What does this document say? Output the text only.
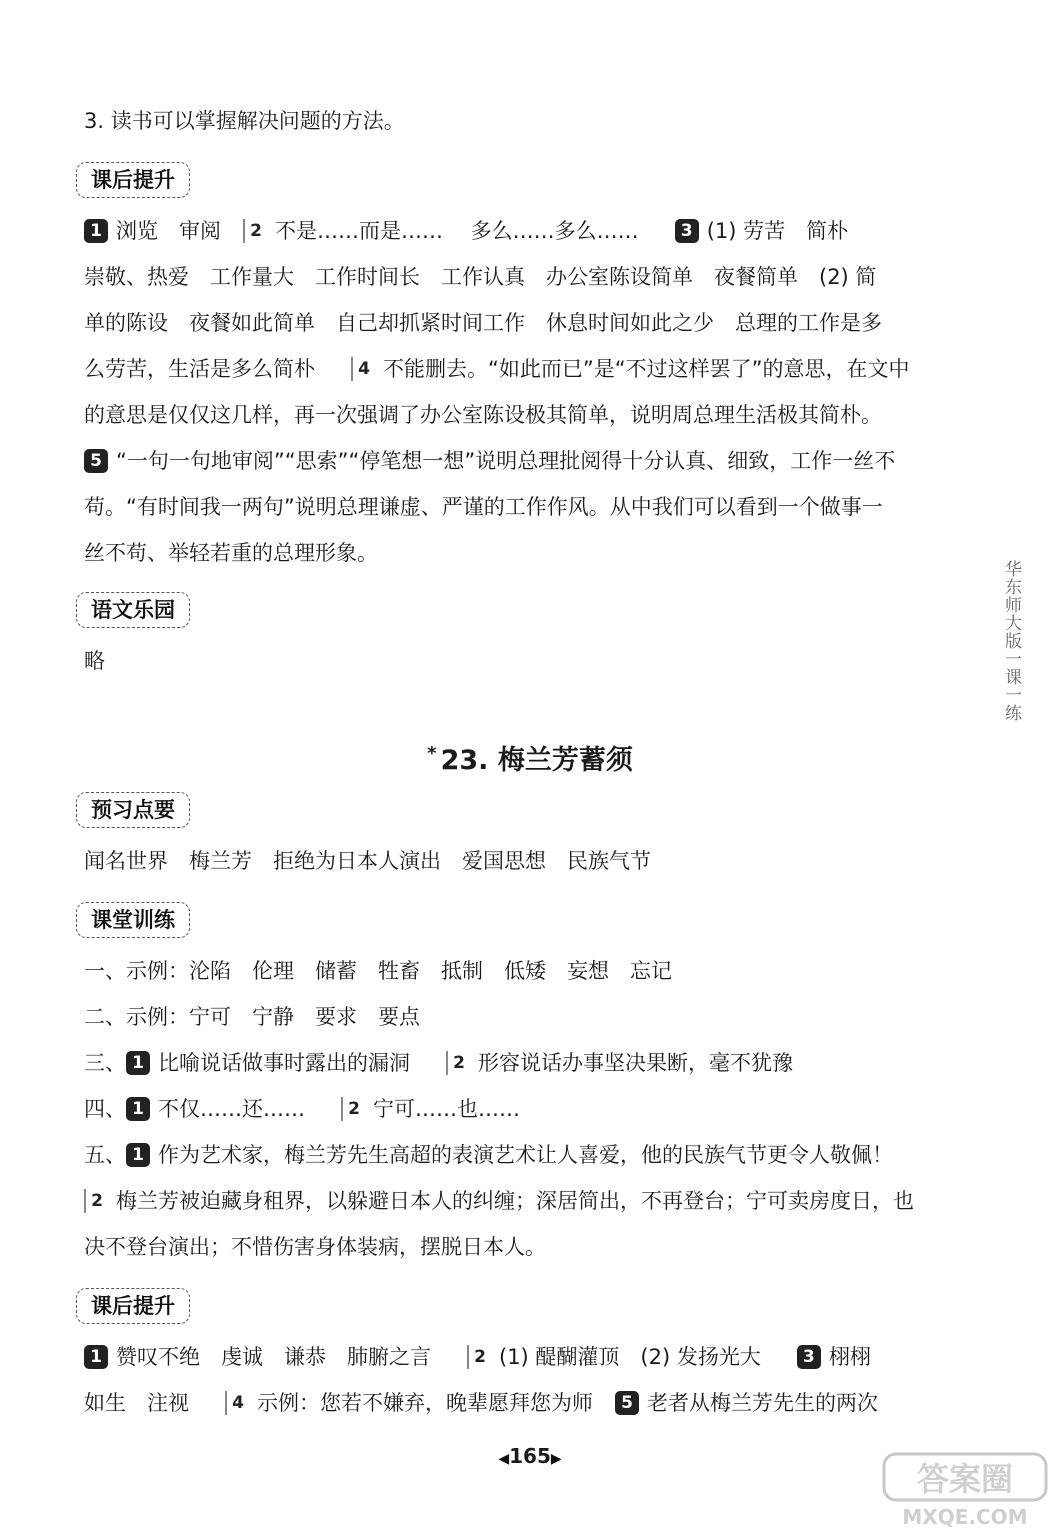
3. 读书可以掌握解决问题的方法。
课后提升
1 浏览　审阅 2 不是……而是……　 多么……多么…… 3 (1) 劳苦　简朴
崇敬、热爱　工作量大　工作时间长　工作认真　办公室陈设简单　夜餐简单　(2) 简
单的陈设　夜餐如此简单　自己却抓紧时间工作　休息时间如此之少　总理的工作是多
么劳苦，生活是多么简朴	4 不能删去。“如此而已”是“不过这样罢了”的意思，在文中
的意思是仅仅这几样，再一次强调了办公室陈设极其简单，说明周总理生活极其简朴。
5 “一句一句地审阅”“思索”“停笔想一想”说明总理批阅得十分认真、细致，工作一丝不
苟。“有时间我一两句”说明总理谦虚、严谨的工作作风。从中我们可以看到一个做事一
丝不苟、举轻若重的总理形象。
语文乐园
略
* 23. 梅兰芳蓄须
预习点要
闻名世界　梅兰芳　拒绝为日本人演出　爱国思想　民族气节
课堂训练
一、示例：沦陷　伦理　储蓄　牲畜　抵制　低矮　妄想　忘记
二、示例：宁可　宁静　要求　要点
三、 1 比喻说话做事时露出的漏洞	2 形容说话办事坚决果断，毫不犹豫
四、 1 不仅……还……	2 宁可……也……
五、 1 作为艺术家，梅兰芳先生高超的表演艺术让人喜爱，他的民族气节更令人敬佩！
2 梅兰芳被迫藏身租界，以躲避日本人的纠缠；深居简出，不再登台；宁可卖房度日，也
决不登台演出；不惜伤害身体装病，摆脱日本人。
课后提升
1 赞叹不绝　虔诚　谦恭　肺腑之言	2 (1) 醍醐灌顶　(2) 发扬光大 3 栩栩
如生　注视	4 示例：您若不嫌弃，晚辈愿拜您为师 5 老者从梅兰芳先生的两次
华东师大版一课一练
◀165▶
答案圈
MXQE.COM
